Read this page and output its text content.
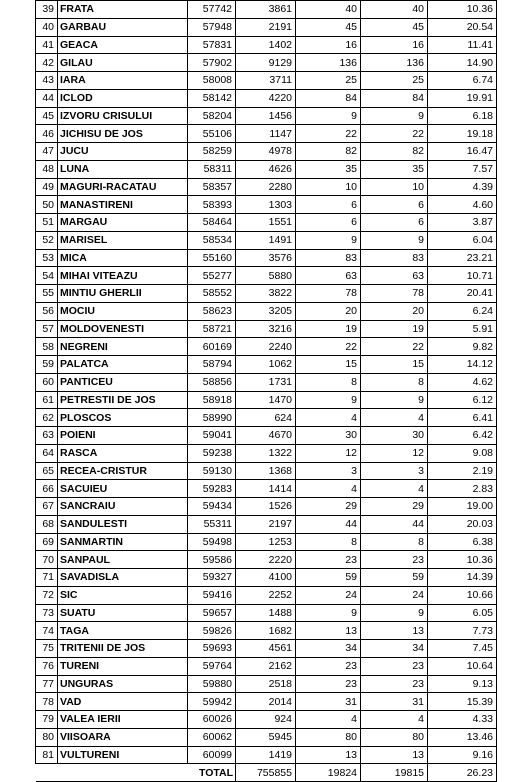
39	FRATA	57742	3861	40	40	10.36
40	GARBAU	57948	2191	45	45	20.54
41	GEACA	57831	1402	16	16	11.41
42	GILAU	57902	9129	136	136	14.90
43	IARA	58008	3711	25	25	6.74
44	ICLOD	58142	4220	84	84	19.91
45	IZVORU CRISULUI	58204	1456	9	9	6.18
46	JICHISU DE JOS	55106	1147	22	22	19.18
47	JUCU	58259	4978	82	82	16.47
48	LUNA	58311	4626	35	35	7.57
49	MAGURI-RACATAU	58357	2280	10	10	4.39
50	MANASTIRENI	58393	1303	6	6	4.60
51	MARGAU	58464	1551	6	6	3.87
52	MARISEL	58534	1491	9	9	6.04
53	MICA	55160	3576	83	83	23.21
54	MIHAI VITEAZU	55277	5880	63	63	10.71
55	MINTIU GHERLII	58552	3822	78	78	20.41
56	MOCIU	58623	3205	20	20	6.24
57	MOLDOVENESTI	58721	3216	19	19	5.91
58	NEGRENI	60169	2240	22	22	9.82
59	PALATCA	58794	1062	15	15	14.12
60	PANTICEU	58856	1731	8	8	4.62
61	PETRESTII DE JOS	58918	1470	9	9	6.12
62	PLOSCOS	58990	624	4	4	6.41
63	POIENI	59041	4670	30	30	6.42
64	RASCA	59238	1322	12	12	9.08
65	RECEA-CRISTUR	59130	1368	3	3	2.19
66	SACUIEU	59283	1414	4	4	2.83
67	SANCRAIU	59434	1526	29	29	19.00
68	SANDULESTI	55311	2197	44	44	20.03
69	SANMARTIN	59498	1253	8	8	6.38
70	SANPAUL	59586	2220	23	23	10.36
71	SAVADISLA	59327	4100	59	59	14.39
72	SIC	59416	2252	24	24	10.66
73	SUATU	59657	1488	9	9	6.05
74	TAGA	59826	1682	13	13	7.73
75	TRITENII DE JOS	59693	4561	34	34	7.45
76	TURENI	59764	2162	23	23	10.64
77	UNGURAS	59880	2518	23	23	9.13
78	VAD	59942	2014	31	31	15.39
79	VALEA IERII	60026	924	4	4	4.33
80	VIISOARA	60062	5945	80	80	13.46
81	VULTURENI	60099	1419	13	13	9.16
		TOTAL	755855	19824	19815	26.23
